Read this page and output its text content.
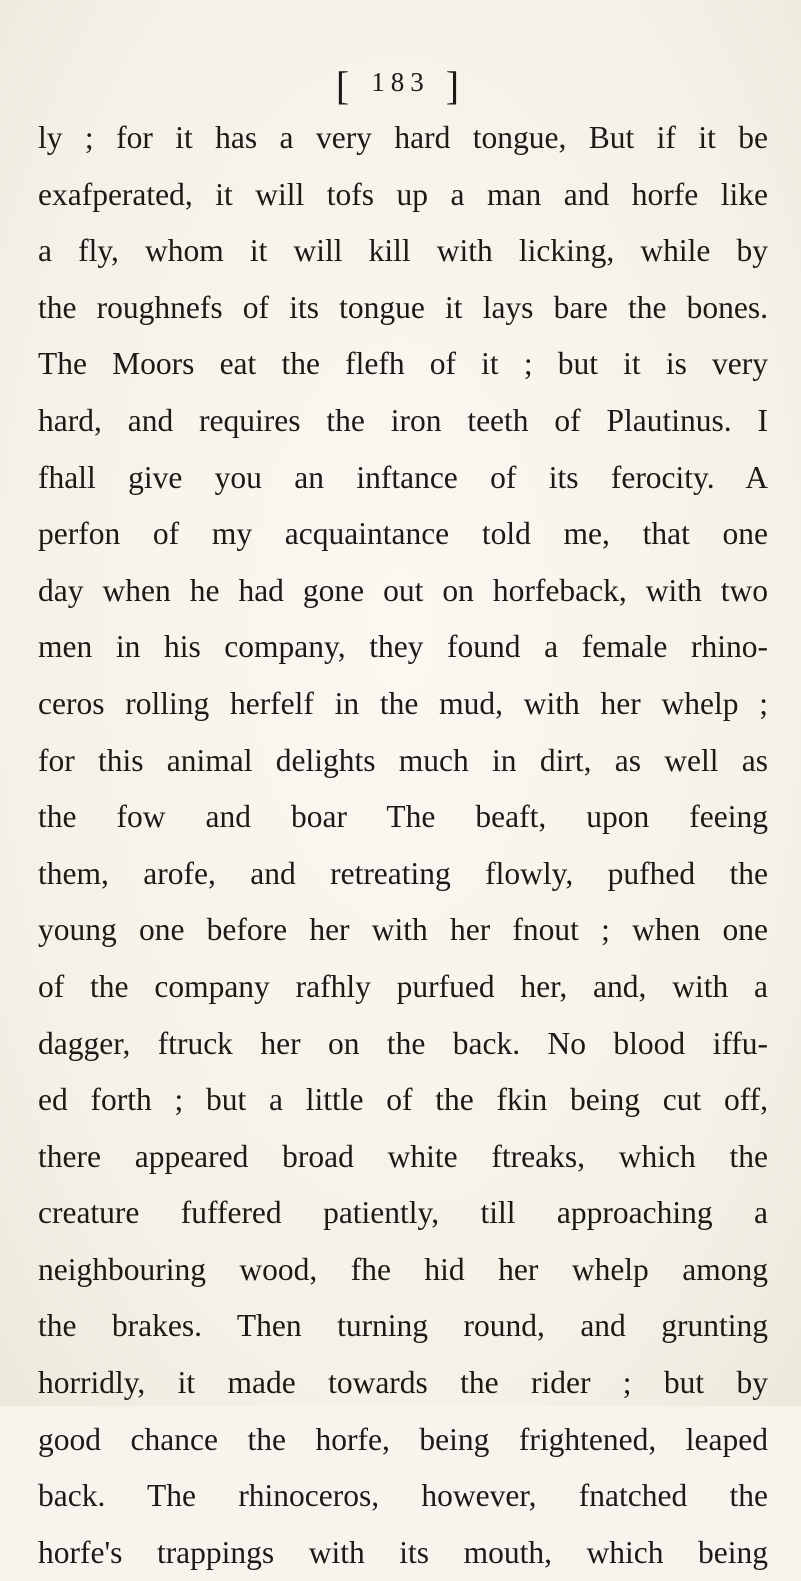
[ $^{183}$ ]
ly ; for it has a very hard tongue, But if it be
exafperated, it will tofs up a man and horfe like
a fly, whom it will kill with licking, while by
the roughnefs of its tongue it lays bare the bones.
The Moors eat the flefh of it ; but it is very
hard, and requires the iron teeth of Plautinus. I
fhall give you an inftance of its ferocity. A
perfon of my acquaintance told me, that one
day when he had gone out on horfeback, with two
men in his company, they found a female rhino-
ceros rolling herfelf in the mud, with her whelp ;
for this animal delights much in dirt, as well as
the fow and boar The beaft, upon feeing
them, arofe, and retreating flowly, pufhed the
young one before her with her fnout ; when one
of the company rafhly purfued her, and, with a
dagger, ftruck her on the back. No blood iffu-
ed forth ; but a little of the fkin being cut off,
there appeared broad white ftreaks, which the
creature fuffered patiently, till approaching a
neighbouring wood, fhe hid her whelp among
the brakes. Then turning round, and grunting
horridly, it made towards the rider ; but by
good chance the horfe, being frightened, leaped
back. The rhinoceros, however, fnatched the
horfe's trappings with its mouth, which being
